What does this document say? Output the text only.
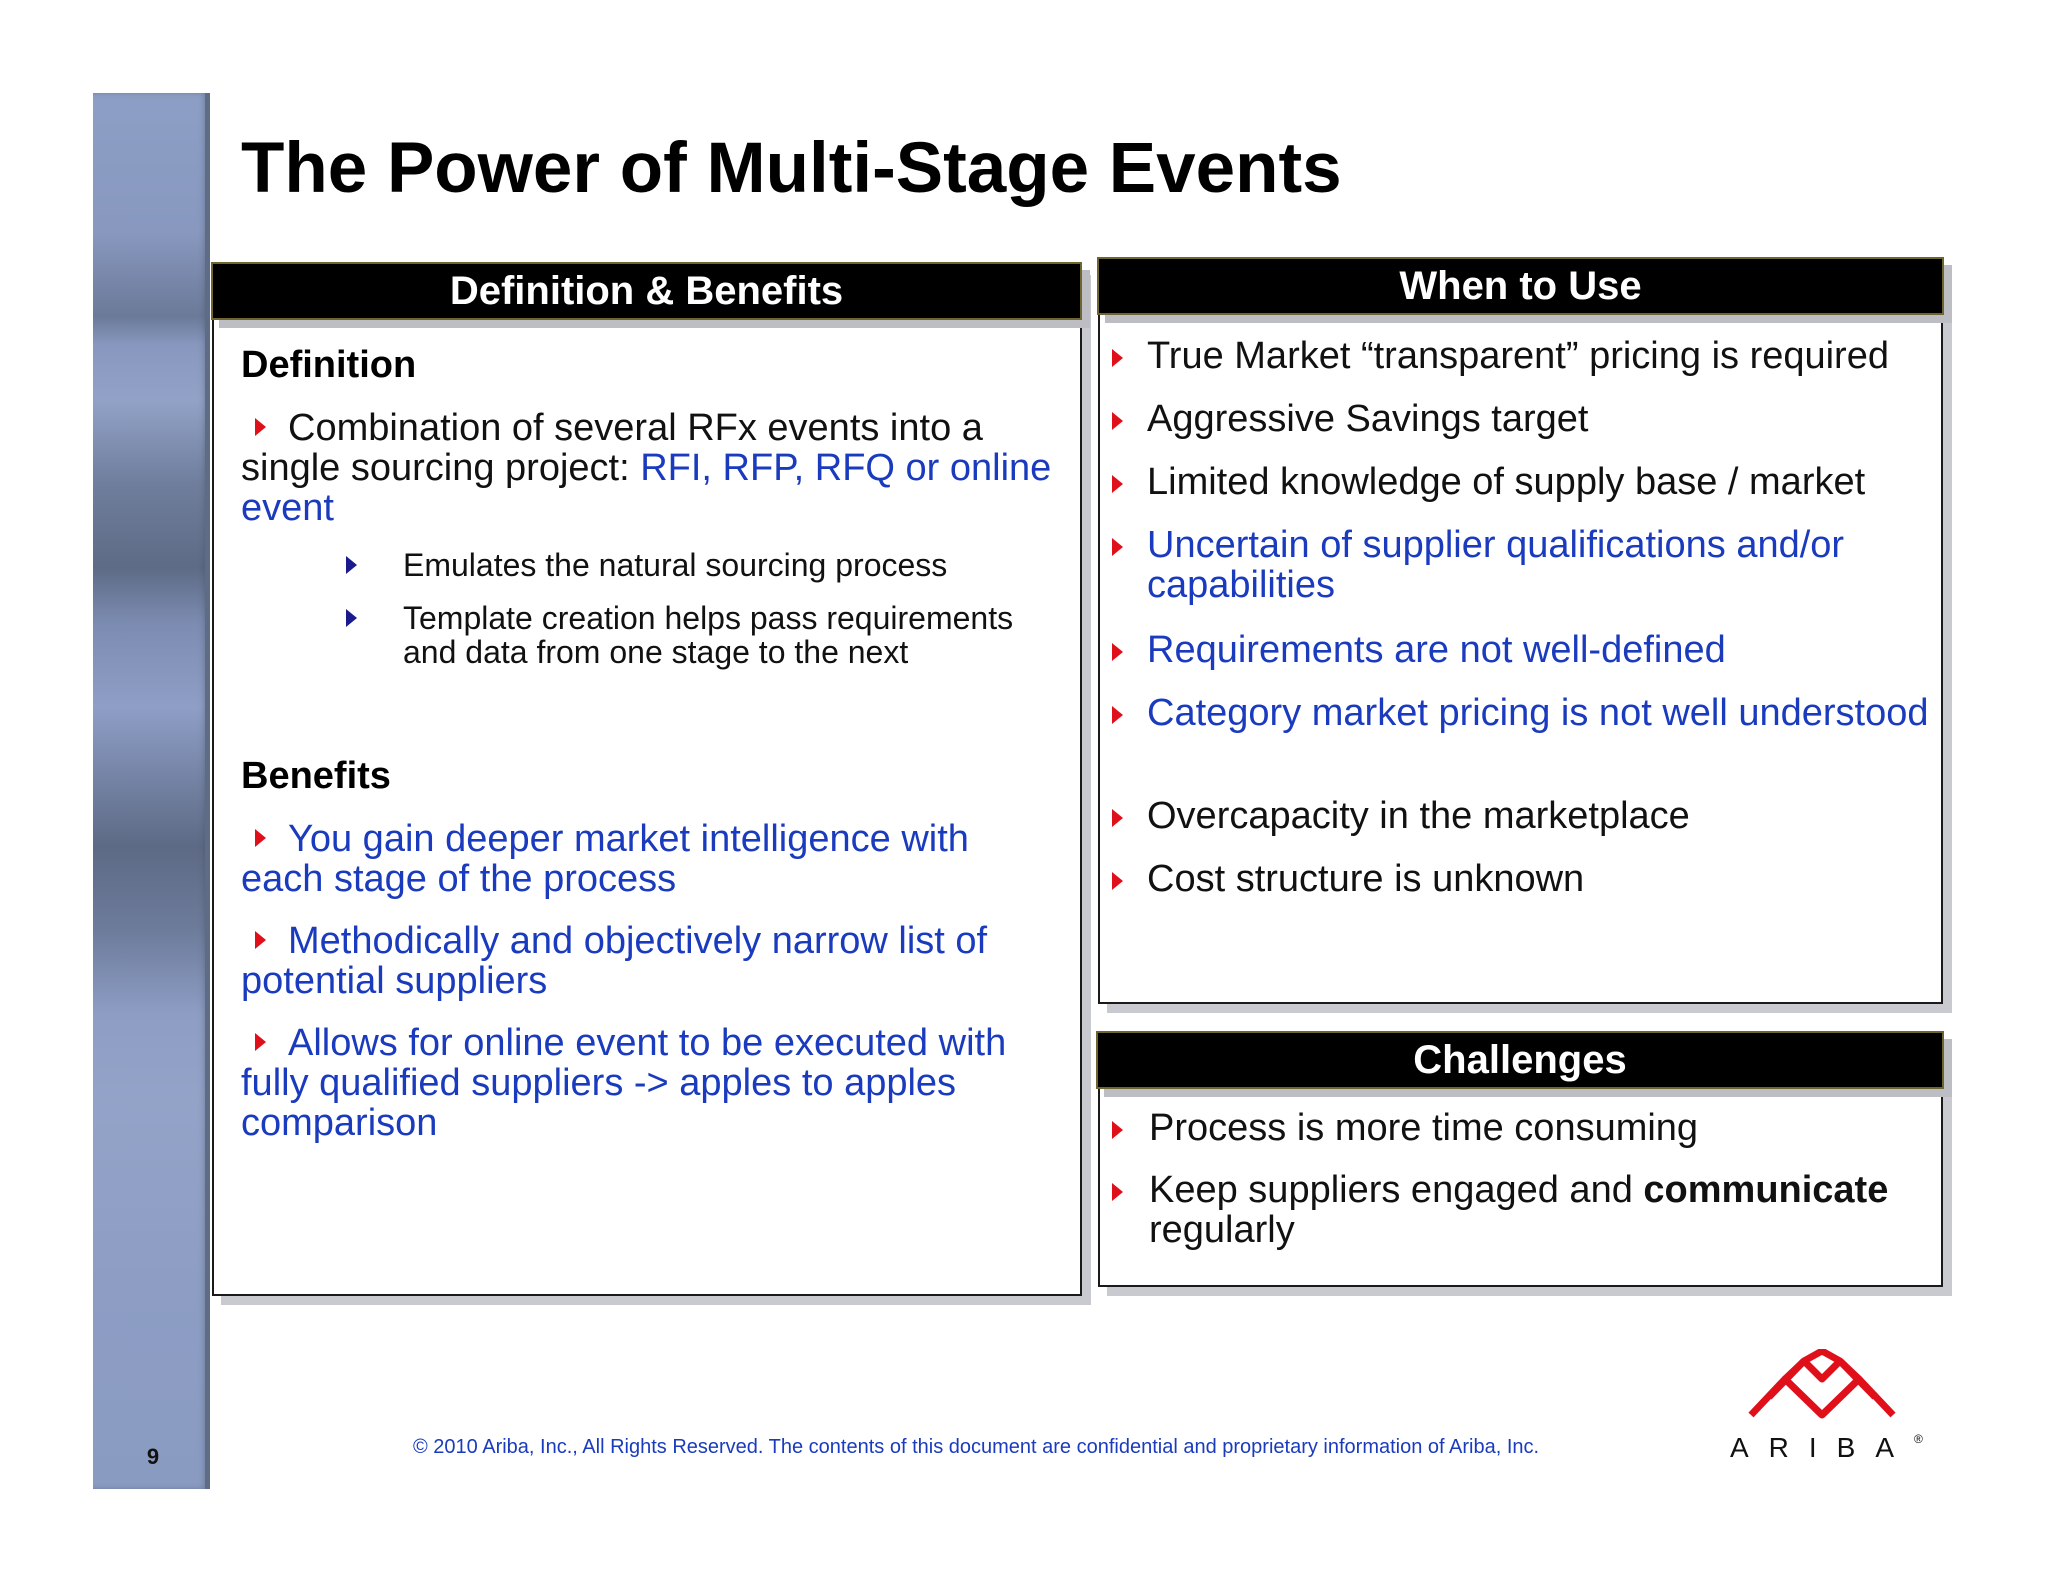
9
The Power of Multi-Stage Events
Definition & Benefits
Definition
Combination of several RFx events into a
single sourcing project: RFI, RFP, RFQ or online
event
Emulates the natural sourcing process
Template creation helps pass requirements
and data from one stage to the next
Benefits
You gain deeper market intelligence with
each stage of the process
Methodically and objectively narrow list of
potential suppliers
Allows for online event to be executed with
fully qualified suppliers -> apples to apples
comparison
When to Use
True Market “transparent” pricing is required
Aggressive Savings target
Limited knowledge of supply base / market
Uncertain of supplier qualifications and/or capabilities
Requirements are not well-defined
Category market pricing is not well understood
Overcapacity in the marketplace
Cost structure is unknown
Challenges
Process is more time consuming
Keep suppliers engaged and communicate
regularly
© 2010 Ariba, Inc., All Rights Reserved. The contents of this document are confidential and proprietary information of Ariba, Inc.	ARIBA®
